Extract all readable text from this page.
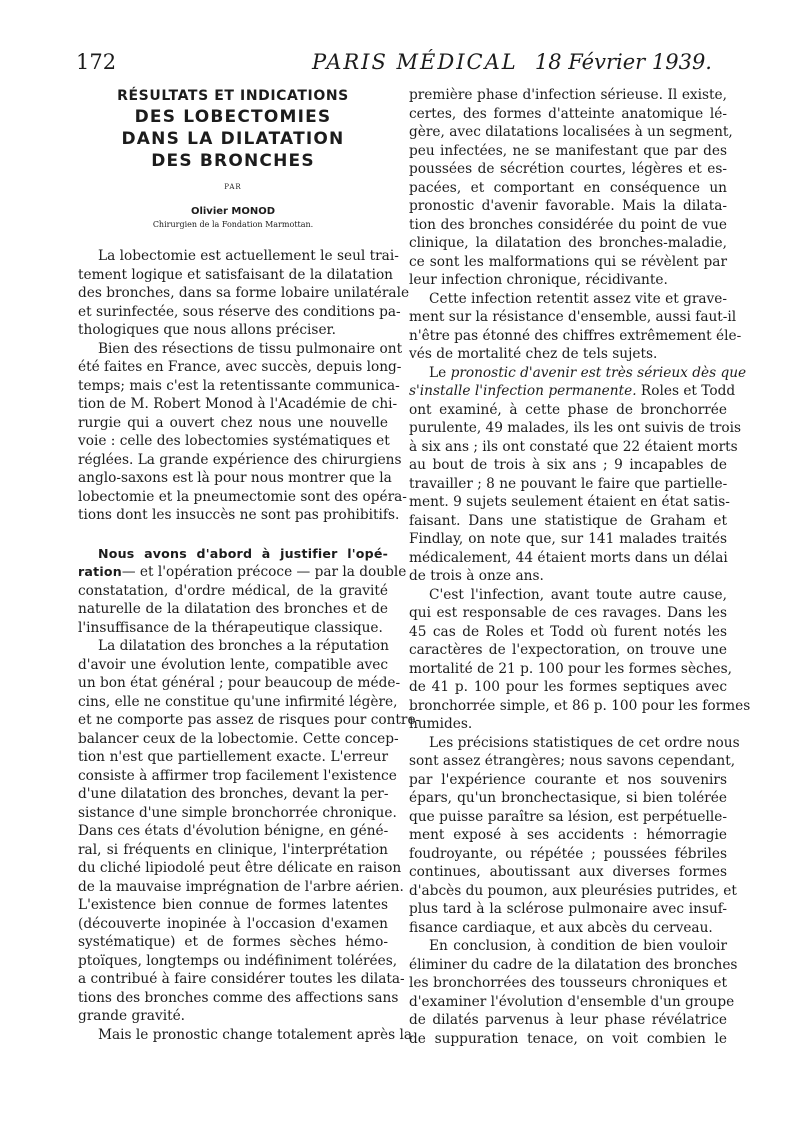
172	PARIS MÉDICAL 18 Février 1939.
RÉSULTATS ET INDICATIONS
DES LOBECTOMIES
DANS LA DILATATION
DES BRONCHES
PAR
Olivier MONOD
Chirurgien de la Fondation Marmottan.
La lobectomie est actuellement le seul trai-
tement logique et satisfaisant de la dilatation
des bronches, dans sa forme lobaire unilatérale
et surinfectée, sous réserve des conditions pa-
thologiques que nous allons préciser.
Bien des résections de tissu pulmonaire ont
été faites en France, avec succès, depuis long-
temps; mais c'est la retentissante communica-
tion de M. Robert Monod à l'Académie de chi-
rurgie qui a ouvert chez nous une nouvelle
voie : celle des lobectomies systématiques et
réglées. La grande expérience des chirurgiens
anglo-saxons est là pour nous montrer que la
lobectomie et la pneumectomie sont des opéra-
tions dont les insuccès ne sont pas prohibitifs.
Nous avons d'abord à justifier l'opé-
ration— et l'opération précoce — par la double
constatation, d'ordre médical, de la gravité
naturelle de la dilatation des bronches et de
l'insuffisance de la thérapeutique classique.
La dilatation des bronches a la réputation
d'avoir une évolution lente, compatible avec
un bon état général ; pour beaucoup de méde-
cins, elle ne constitue qu'une infirmité légère,
et ne comporte pas assez de risques pour contre-
balancer ceux de la lobectomie. Cette concep-
tion n'est que partiellement exacte. L'erreur
consiste à affirmer trop facilement l'existence
d'une dilatation des bronches, devant la per-
sistance d'une simple bronchorrée chronique.
Dans ces états d'évolution bénigne, en géné-
ral, si fréquents en clinique, l'interprétation
du cliché lipiodolé peut être délicate en raison
de la mauvaise imprégnation de l'arbre aérien.
L'existence bien connue de formes latentes
(découverte inopinée à l'occasion d'examen
systématique) et de formes sèches hémo-
ptoïques, longtemps ou indéfiniment tolérées,
a contribué à faire considérer toutes les dilata-
tions des bronches comme des affections sans
grande gravité.
Mais le pronostic change totalement après la
première phase d'infection sérieuse. Il existe,
certes, des formes d'atteinte anatomique lé-
gère, avec dilatations localisées à un segment,
peu infectées, ne se manifestant que par des
poussées de sécrétion courtes, légères et es-
pacées, et comportant en conséquence un
pronostic d'avenir favorable. Mais la dilata-
tion des bronches considérée du point de vue
clinique, la dilatation des bronches-maladie,
ce sont les malformations qui se révèlent par
leur infection chronique, récidivante.
Cette infection retentit assez vite et grave-
ment sur la résistance d'ensemble, aussi faut-il
n'être pas étonné des chiffres extrêmement éle-
vés de mortalité chez de tels sujets.
Le pronostic d'avenir est très sérieux dès que
s'installe l'infection permanente. Roles et Todd
ont examiné, à cette phase de bronchorrée
purulente, 49 malades, ils les ont suivis de trois
à six ans ; ils ont constaté que 22 étaient morts
au bout de trois à six ans ; 9 incapables de
travailler ; 8 ne pouvant le faire que partielle-
ment. 9 sujets seulement étaient en état satis-
faisant. Dans une statistique de Graham et
Findlay, on note que, sur 141 malades traités
médicalement, 44 étaient morts dans un délai
de trois à onze ans.
C'est l'infection, avant toute autre cause,
qui est responsable de ces ravages. Dans les
45 cas de Roles et Todd où furent notés les
caractères de l'expectoration, on trouve une
mortalité de 21 p. 100 pour les formes sèches,
de 41 p. 100 pour les formes septiques avec
bronchorrée simple, et 86 p. 100 pour les formes
humides.
Les précisions statistiques de cet ordre nous
sont assez étrangères; nous savons cependant,
par l'expérience courante et nos souvenirs
épars, qu'un bronchectasique, si bien tolérée
que puisse paraître sa lésion, est perpétuelle-
ment exposé à ses accidents : hémorragie
foudroyante, ou répétée ; poussées fébriles
continues, aboutissant aux diverses formes
d'abcès du poumon, aux pleurésies putrides, et
plus tard à la sclérose pulmonaire avec insuf-
fisance cardiaque, et aux abcès du cerveau.
En conclusion, à condition de bien vouloir
éliminer du cadre de la dilatation des bronches
les bronchorrées des tousseurs chroniques et
d'examiner l'évolution d'ensemble d'un groupe
de dilatés parvenus à leur phase révélatrice
de suppuration tenace, on voit combien le
